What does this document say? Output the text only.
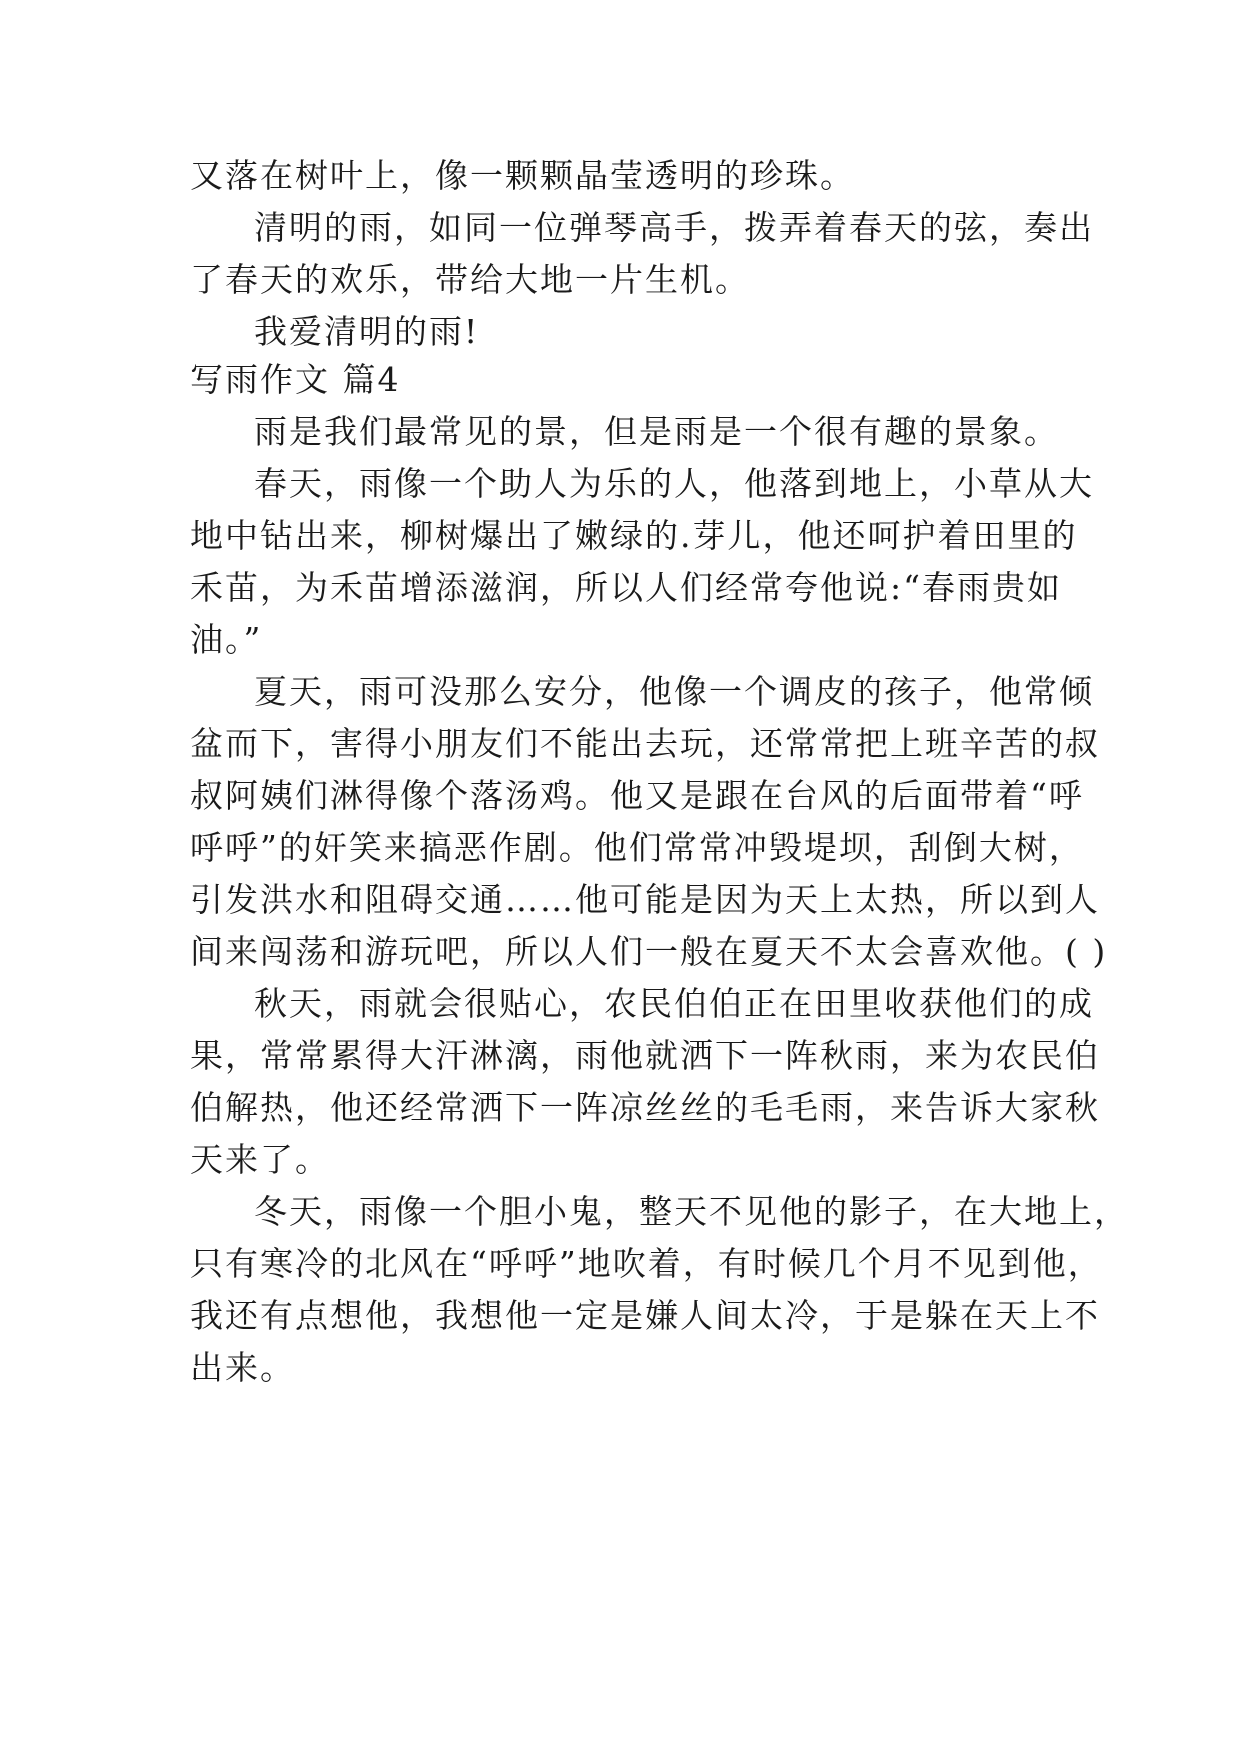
又落在树叶上，像一颗颗晶莹透明的珍珠。
清明的雨，如同一位弹琴高手，拨弄着春天的弦，奏出
了春天的欢乐，带给大地一片生机。
我爱清明的雨!
写雨作文 篇4
雨是我们最常见的景，但是雨是一个很有趣的景象。
春天，雨像一个助人为乐的人，他落到地上，小草从大
地中钻出来，柳树爆出了嫩绿的.芽儿，他还呵护着田里的
禾苗，为禾苗增添滋润，所以人们经常夸他说:“春雨贵如
油。”
夏天，雨可没那么安分，他像一个调皮的孩子，他常倾
盆而下，害得小朋友们不能出去玩，还常常把上班辛苦的叔
叔阿姨们淋得像个落汤鸡。他又是跟在台风的后面带着“呼
呼呼”的奸笑来搞恶作剧。他们常常冲毁堤坝，刮倒大树，
引发洪水和阻碍交通……他可能是因为天上太热，所以到人
间来闯荡和游玩吧，所以人们一般在夏天不太会喜欢他。( )
秋天，雨就会很贴心，农民伯伯正在田里收获他们的成
果，常常累得大汗淋漓，雨他就洒下一阵秋雨，来为农民伯
伯解热，他还经常洒下一阵凉丝丝的毛毛雨，来告诉大家秋
天来了。
冬天，雨像一个胆小鬼，整天不见他的影子，在大地上，
只有寒冷的北风在“呼呼”地吹着，有时候几个月不见到他，
我还有点想他，我想他一定是嫌人间太冷，于是躲在天上不
出来。
